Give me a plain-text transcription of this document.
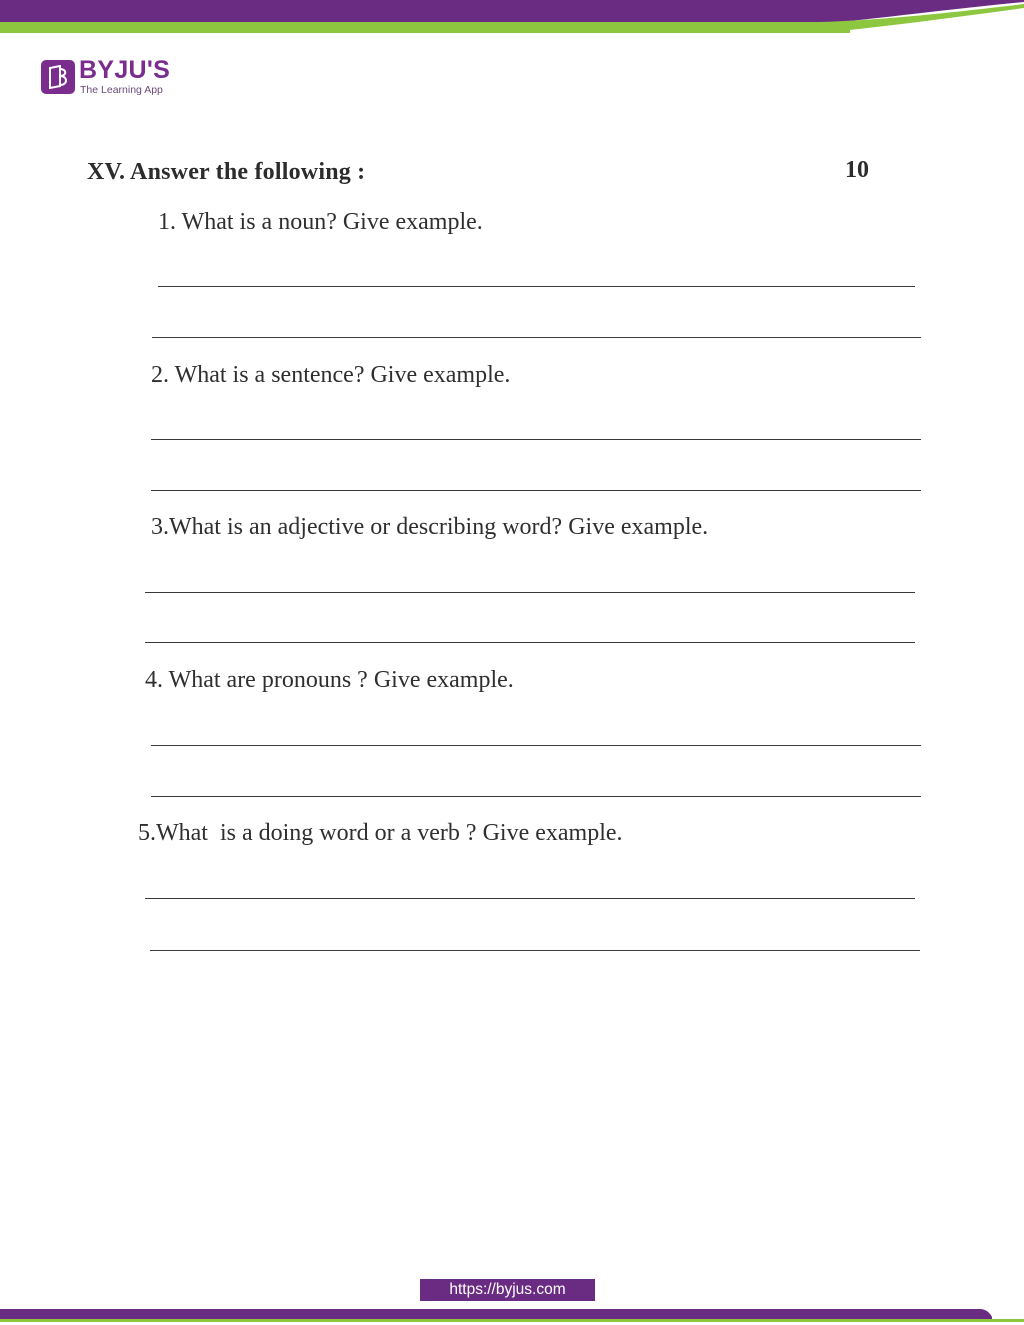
BYJU'S
The Learning App
XV. Answer the following :	10
1. What is a noun? Give example.
2. What is a sentence? Give example.
3.What is an adjective or describing word? Give example.
4. What are pronouns ? Give example.
5.What  is a doing word or a verb ? Give example.
https://byjus.com
